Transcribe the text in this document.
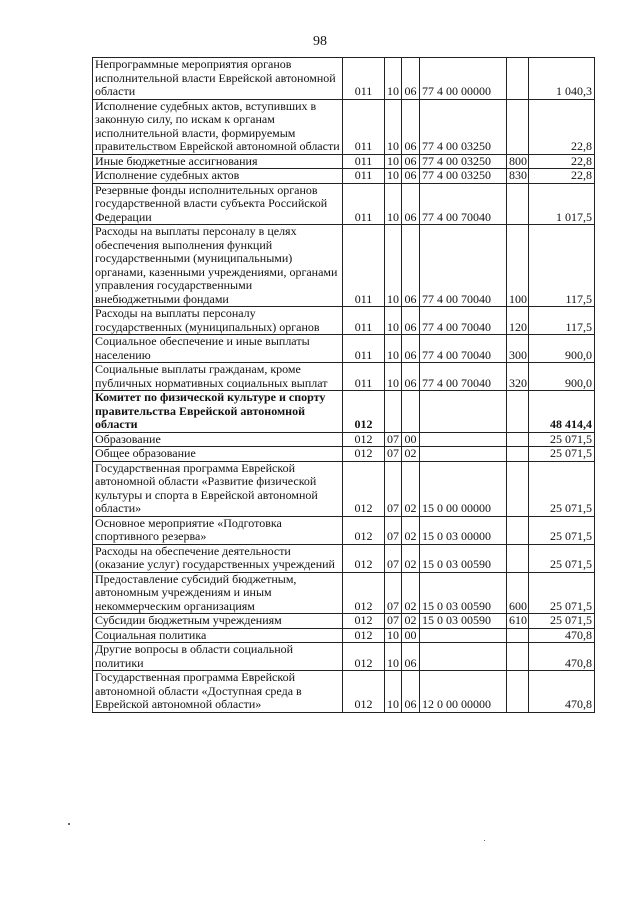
98
Непрограммные мероприятия органов исполнительной власти Еврейской автономной области	011	10	06	77 4 00 00000		1 040,3
Исполнение судебных актов, вступивших в законную силу, по искам к органам исполнительной власти, формируемым правительством Еврейской автономной области	011	10	06	77 4 00 03250		22,8
Иные бюджетные ассигнования	011	10	06	77 4 00 03250	800	22,8
Исполнение судебных актов	011	10	06	77 4 00 03250	830	22,8
Резервные фонды исполнительных органов государственной власти субъекта Российской Федерации	011	10	06	77 4 00 70040		1 017,5
Расходы на выплаты персоналу в целях обеспечения выполнения функций государственными (муниципальными) органами, казенными учреждениями, органами управления государственными внебюджетными фондами	011	10	06	77 4 00 70040	100	117,5
Расходы на выплаты персоналу государственных (муниципальных) органов	011	10	06	77 4 00 70040	120	117,5
Социальное обеспечение и иные выплаты населению	011	10	06	77 4 00 70040	300	900,0
Социальные выплаты гражданам, кроме публичных нормативных социальных выплат	011	10	06	77 4 00 70040	320	900,0
Комитет по физической культуре и спорту правительства Еврейской автономной области	012					48 414,4
Образование	012	07	00			25 071,5
Общее образование	012	07	02			25 071,5
Государственная программа Еврейской автономной области «Развитие физической культуры и спорта в Еврейской автономной области»	012	07	02	15 0 00 00000		25 071,5
Основное мероприятие «Подготовка спортивного резерва»	012	07	02	15 0 03 00000		25 071,5
Расходы на обеспечение деятельности (оказание услуг) государственных учреждений	012	07	02	15 0 03 00590		25 071,5
Предоставление субсидий бюджетным, автономным учреждениям и иным некоммерческим организациям	012	07	02	15 0 03 00590	600	25 071,5
Субсидии бюджетным учреждениям	012	07	02	15 0 03 00590	610	25 071,5
Социальная политика	012	10	00			470,8
Другие вопросы в области социальной политики	012	10	06			470,8
Государственная программа Еврейской автономной области «Доступная среда в Еврейской автономной области»	012	10	06	12 0 00 00000		470,8
